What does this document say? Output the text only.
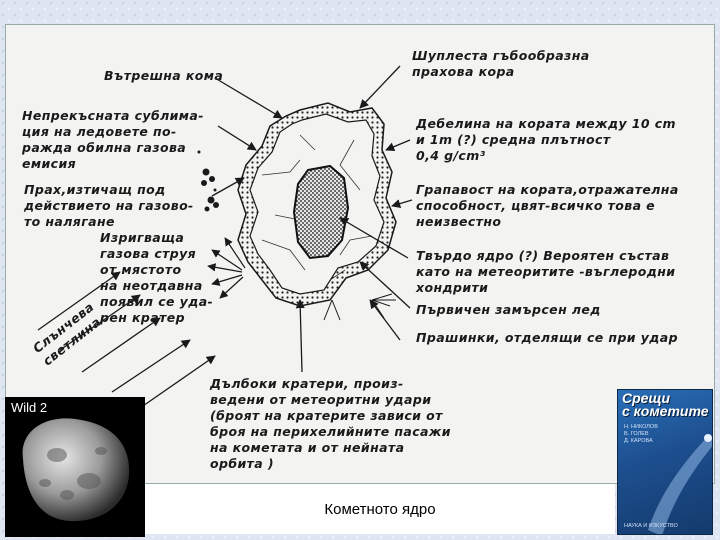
Шуплеста гъбообразна
прахова кора
Вътрешна кома
Непрекъсната сублима-
ция на ледовете по-
ражда обилна газова
емисия
Дебелина на кората между 10 cm
и 1m (?) средна плътност
0,4 g/cm³
Прах,изтичащ под
действието на газово-
то налягане
Грапавост на кората,отражателна
способност, цвят-всичко това е
неизвестно
Изригваща
газова струя
от мястото
на неотдавна
появил се уда-
рен кратер
Твърдо ядро (?) Вероятен състав
като на метеоритите -въглеродни
хондрити
Първичен замърсен лед
Слънчева
светлина	Прашинки, отделящи се при удар
Дълбоки кратери, произ-
ведени от метеоритни удари
(броят на кратерите зависи от
броя на перихелийните пасажи
на кометата и от нейната
орбита )
Wild 2
Кометното ядро
Срещи
с кометите
Н. НИКОЛОВ
В. ГОЛЕВ
Д. КАРОВА
НАУКА И ИЗКУСТВО
